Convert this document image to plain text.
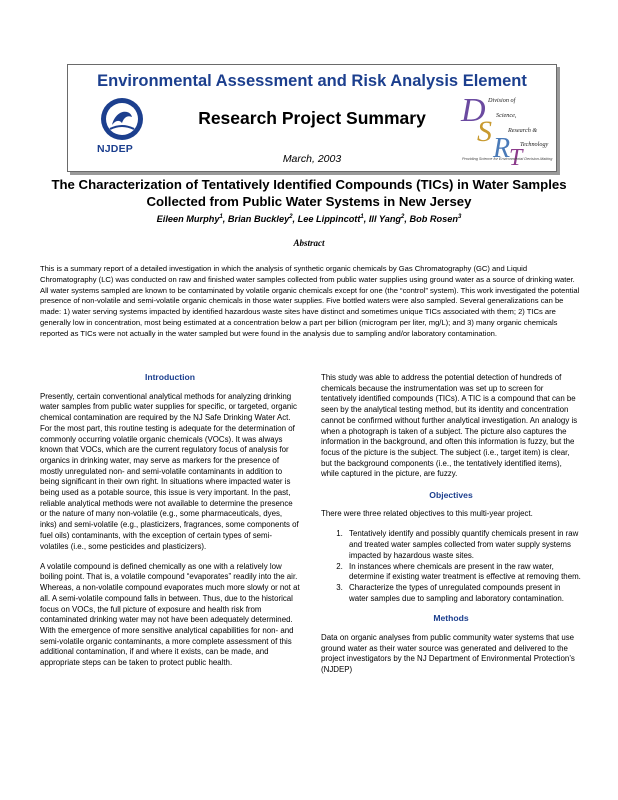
Environmental Assessment and Risk Analysis Element
NJDEP
Research Project Summary
March, 2003
D
S
R
T
Division of
Science,
Research &
Technology
Providing Science for Environmental Decision-Making
The Characterization of Tentatively Identified Compounds (TICs) in Water Samples Collected from Public Water Systems in New Jersey
Eileen Murphy$^1$, Brian Buckley$^2$, Lee Lippincott$^1$, Ill Yang$^2$, Bob Rosen$^3$
Abstract
This is a summary report of a detailed investigation in which the analysis of synthetic organic chemicals by Gas Chromatography (GC) and Liquid Chromatography (LC) was conducted on raw and finished water samples collected from public water supplies using ground water as a source of drinking water. All water systems sampled are known to be contaminated by volatile organic chemicals except for one (the “control” system). This work investigated the potential presence of non-volatile and semi-volatile organic chemicals in those water supplies. Five bottled waters were also sampled. Several generalizations can be made: 1) water serving systems impacted by identified hazardous waste sites have distinct and sometimes unique TICs associated with them; 2) TICs are generally low in concentration, most being estimated at a concentration below a part per billion (microgram per liter, mg/L); and 3) many organic chemicals reported as TICs were not actually in the water sampled but were found in the analysis due to sampling and/or laboratory contamination.
Introduction

Presently, certain conventional analytical methods for analyzing drinking water samples from public water supplies for specific, or targeted, organic chemical contamination are required by the NJ Safe Drinking Water Act. For the most part, this routine testing is adequate for the determination of commonly occurring volatile organic chemicals (VOCs). It was always known that VOCs, which are the current regulatory focus of analysis for organics in drinking water, may serve as markers for the presence of mostly unregulated non- and semi-volatile contaminants in addition to being significant in their own right. In situations where impacted water is being used as a potable source, this issue is very important. In the past, reliable analytical methods were not available to determine the presence or the nature of many non-volatile (e.g., some pharmaceuticals, dyes, inks) and semi-volatile (e.g., plasticizers, fragrances, some components of fuel oils) contaminants, with the exception of certain types of semi-volatiles (i.e., some pesticides and plasticizers).

A volatile compound is defined chemically as one with a relatively low boiling point. That is, a volatile compound “evaporates” readily into the air. Whereas, a non-volatile compound evaporates much more slowly or not at all. A semi-volatile compound falls in between. Thus, due to the historical focus on VOCs, the full picture of exposure and health risk from contaminated drinking water may not have been adequately determined. With the emergence of more sensitive analytical capabilities for non- and semi-volatile organic contaminants, a more complete assessment of this additional contamination, if and where it exists, can be made, and appropriate steps can be taken to protect public health.

This study was able to address the potential detection of hundreds of chemicals because the instrumentation was set up to screen for tentatively identified compounds (TICs). A TIC is a compound that can be seen by the analytical testing method, but its identity and concentration cannot be confirmed without further analytical investigation. An analogy is when a photograph is taken of a subject. The picture also captures the information in the background, and often this information is fuzzy, but the focus of the picture is the subject. The subject (i.e., target item) is clear, but the background components (i.e., the tentatively identified items), while captured in the picture, are fuzzy.

Objectives

There were three related objectives to this multi-year project.

1. Tentatively identify and possibly quantify chemicals present in raw and treated water samples collected from water supply systems impacted by hazardous waste sites.
2. In instances where chemicals are present in the raw water, determine if existing water treatment is effective at removing them.
3. Characterize the types of unregulated compounds present in water samples due to sampling and laboratory contamination.
Methods

Data on organic analyses from public community water systems that use ground water as their water source was generated and delivered to the project investigators by the NJ Department of Environmental Protection’s (NJDEP)
